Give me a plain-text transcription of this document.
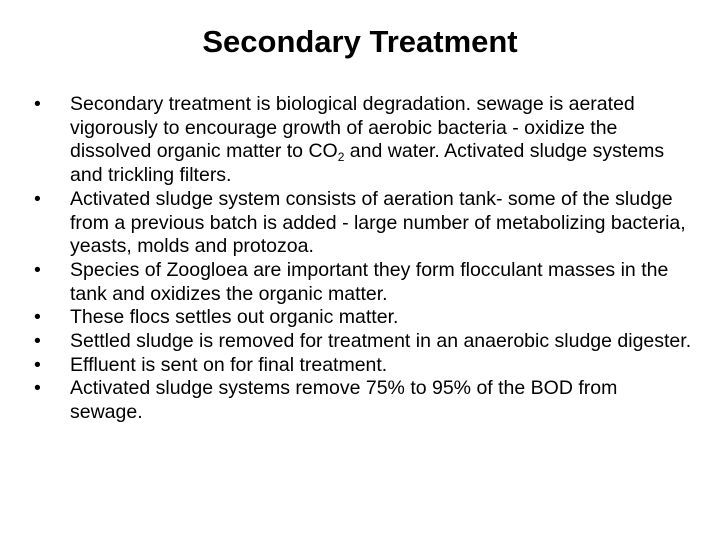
Secondary Treatment
•	Secondary treatment is biological degradation. sewage is aerated vigorously to encourage growth of aerobic bacteria - oxidize the dissolved organic matter to $CO_2$ and water. Activated sludge systems and trickling filters.
•	Activated sludge system consists of aeration tank- some of the sludge from a previous batch is added - large number of metabolizing bacteria, yeasts, molds and protozoa.
•	Species of Zoogloea are important they form flocculant masses in the tank and oxidizes the organic matter.
•	These flocs settles out organic matter.
•	Settled sludge is removed for treatment in an anaerobic sludge digester.
•	Effluent is sent on for final treatment.
•	Activated sludge systems remove 75% to 95% of the BOD from sewage.
